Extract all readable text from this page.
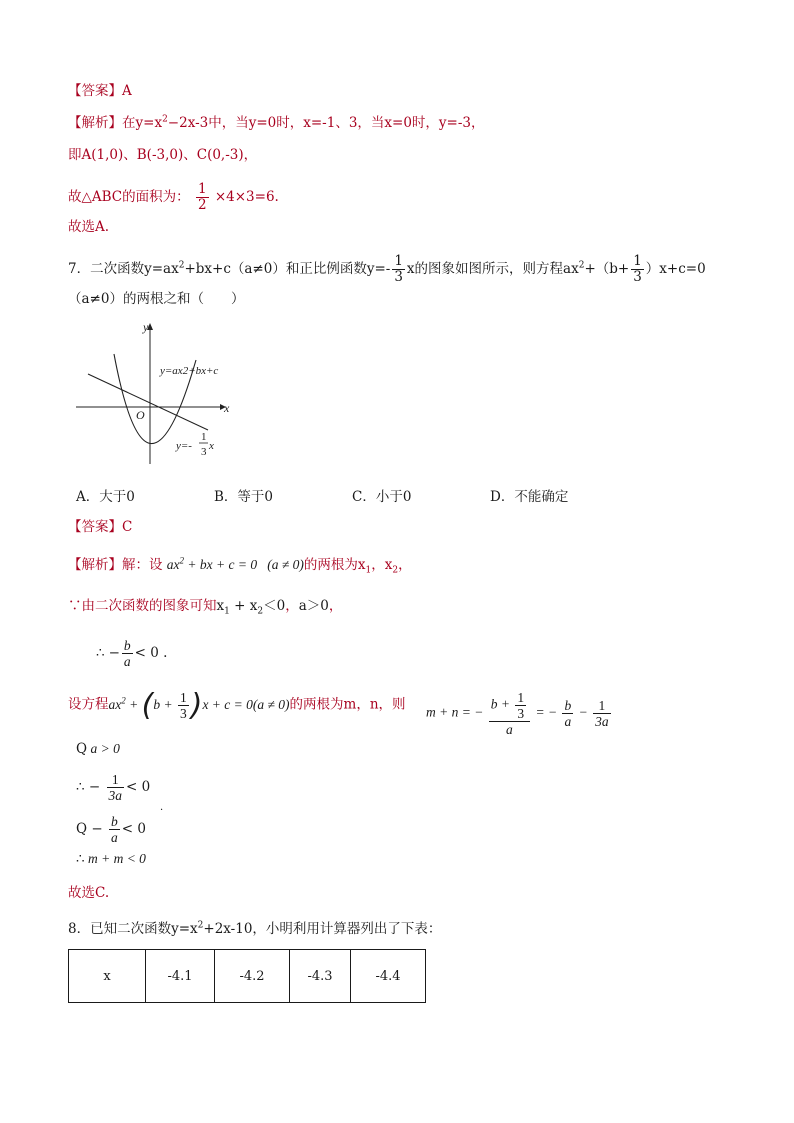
【答案】A
【解析】在$y=x^2-2x-3$中，当y=0时，x=-1、3，当x=0时，y=-3，
即A(1,0)、B(-3,0)、C(0,-3)，
故△ABC的面积为： $\frac{1}{2} \times 4\times 3=6$.
故选A.
7．二次函数$y=ax^2+bx+c(a\ne 0)$和正比例函数$y=- \frac{1}{3}$ x的图象如图所示，则方程$ax^2+(b+ \frac{1}{3} )x+c=0$
（a≠0）的两根之和（　　）
y
x
O
y=ax2+bx+c
y=-
1
3 x
A．大于0	B．等于0	C．小于0	D．不能确定
【答案】C
【解析】解：设 $ax^2$ + bx + c = 0   (a ≠ 0)的两根为$x_1$，$x_2$，
∵由二次函数的图象可知$x_1 + x_2<0$，a＞0，
∴ − $\frac{b}{a} < 0$ .
设方程$ax^2 + (b + \frac{1}{3} )x + c = 0(a \ne 0)$的两根为m，n，则 m + n = − $\frac{b + \frac{1}{3}}{a}$ = − $\frac{b}{a} - \frac{1}{3a}$
Q a > 0
∴ − $\frac{1}{3a} < 0$
·
$Q - \frac{b}{a} < 0$
∴ m + m < 0
故选C.
8．已知二次函数$y=x^2+2x-10$，小明利用计算器列出了下表：
x	-4.1	-4.2	-4.3	-4.4
